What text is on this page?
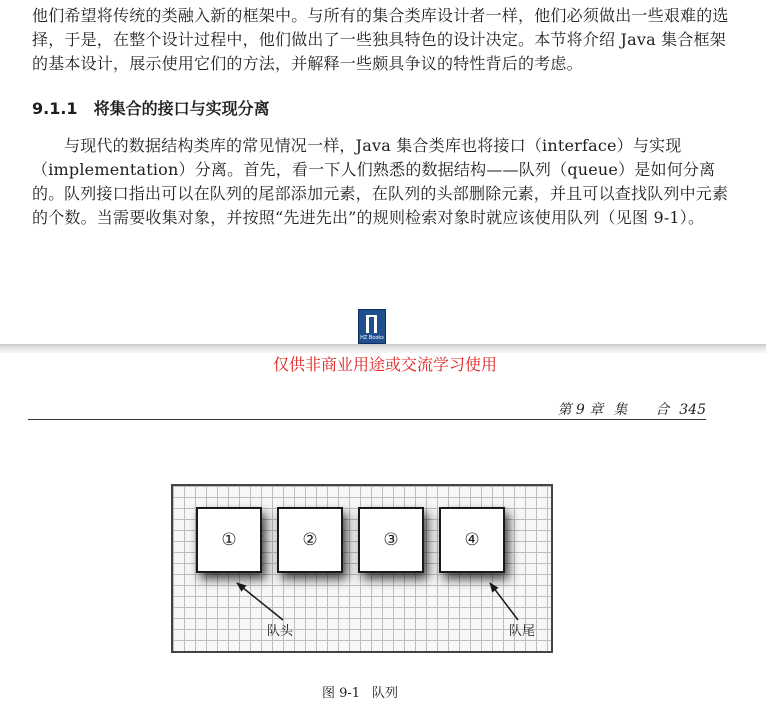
他们希望将传统的类融入新的框架中。与所有的集合类库设计者一样，他们必须做出一些艰难的选择，于是，在整个设计过程中，他们做出了一些独具特色的设计决定。本节将介绍 Java 集合框架的基本设计，展示使用它们的方法，并解释一些颇具争议的特性背后的考虑。

9.1.1 将集合的接口与实现分离

与现代的数据结构类库的常见情况一样，Java 集合类库也将接口（interface）与实现（implementation）分离。首先，看一下人们熟悉的数据结构——队列（queue）是如何分离的。 队列接口指出可以在队列的尾部添加元素，在队列的头部删除元素，并且可以查找队列中元素的个数。当需要收集对象，并按照“先进先出”的规则检索对象时就应该使用队列（见图 9-1）。

HZ Books
仅供非商业用途或交流学习使用
第 9 章 集　　合 345
①	②	③	④
队头	队尾
图 9-1 队列
